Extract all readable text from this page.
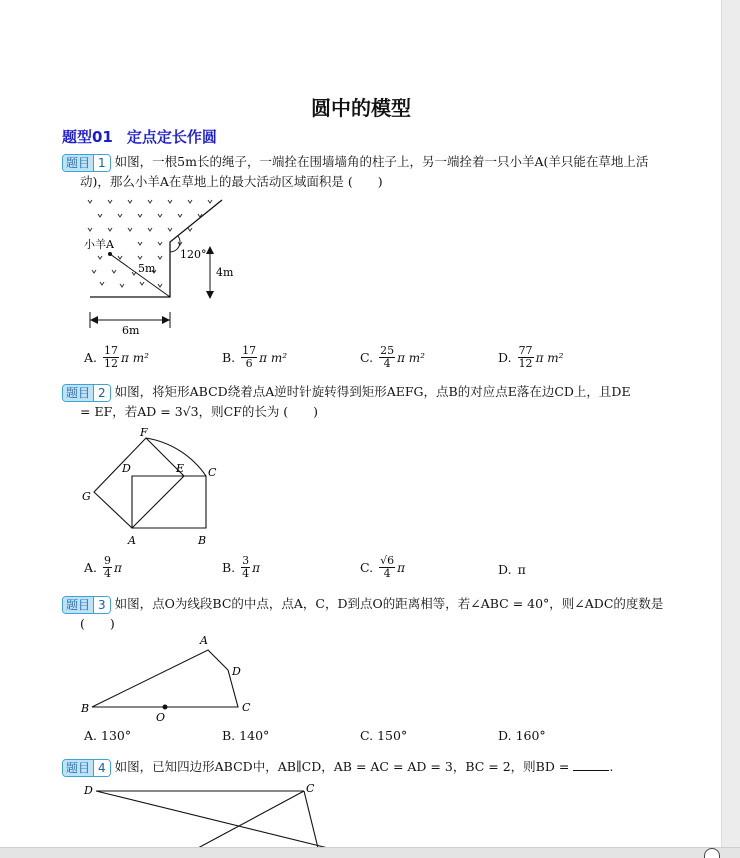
圆中的模型
题型01 定点定长作圆
题目 1 如图，一根5m长的绳子，一端拴在围墙墙角的柱子上，另一端拴着一只小羊A(羊只能在草地上活
动)，那么小羊A在草地上的最大活动区域面积是 (　　)
小羊A
5m
120°
4m
6m
A. $\frac{17}{12}$ π m²	B. $\frac{17}{6}$ π m²	C. $\frac{25}{4}$ π m²	D. $\frac{77}{12}$ π m²
题目 2 如图，将矩形ABCD绕着点A逆时针旋转得到矩形AEFG，点B的对应点E落在边CD上，且DE
= EF，若AD = 3√3，则CF的长为 (　　)
F
D	E C
G
A	B
A. $\frac{9}{4}$ π	B. $\frac{3}{4}$ π	C. $\frac{√6}{4}$ π	D. π
题目 3 如图，点O为线段BC的中点，点A，C，D到点O的距离相等，若∠ABC = 40°，则∠ADC的度数是
(　　)
A
D
B
O
C
A. 130°	B. 140°	C. 150°	D. 160°
题目 4 如图，已知四边形ABCD中，AB∥CD，AB = AC = AD = 3，BC = 2，则BD =	.
D	C
